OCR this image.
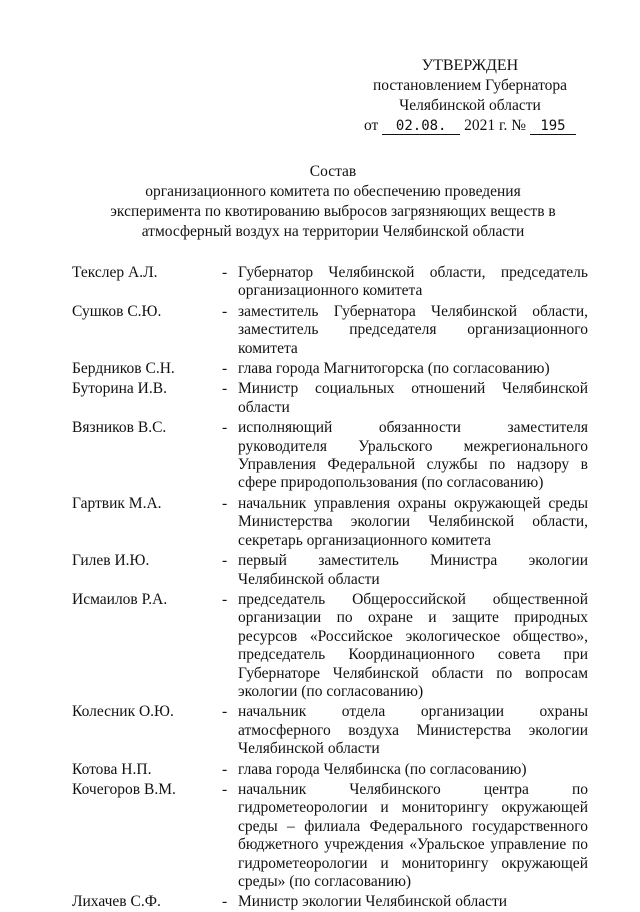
УТВЕРЖДЕН
постановлением Губернатора
Челябинской области
от 02.08. 2021 г. № 195
Состав
организационного комитета по обеспечению проведения
эксперимента по квотированию выбросов загрязняющих веществ в
атмосферный воздух на территории Челябинской области
Текслер А.Л.	- Губернатор Челябинской области, председатель организационного комитета
Сушков С.Ю.	- заместитель Губернатора Челябинской области, заместитель председателя организационного комитета
Бердников С.Н.	- глава города Магнитогорска (по согласованию)
Буторина И.В.	- Министр социальных отношений Челябинской области
Вязников В.С.	- исполняющий обязанности заместителя руководителя Уральского межрегионального Управления Федеральной службы по надзору в сфере природопользования (по согласованию)
Гартвик М.А.	- начальник управления охраны окружающей среды Министерства экологии Челябинской области, секретарь организационного комитета
Гилев И.Ю.	- первый заместитель Министра экологии Челябинской области
Исмаилов Р.А.	- председатель Общероссийской общественной организации по охране и защите природных ресурсов «Российское экологическое общество», председатель Координационного совета при Губернаторе Челябинской области по вопросам экологии (по согласованию)
Колесник О.Ю.	- начальник отдела организации охраны атмосферного воздуха Министерства экологии Челябинской области
Котова Н.П.	- глава города Челябинска (по согласованию)
Кочегоров В.М.	- начальник Челябинского центра по гидрометеорологии и мониторингу окружающей среды – филиала Федерального государственного бюджетного учреждения «Уральское управление по гидрометеорологии и мониторингу окружающей среды» (по согласованию)
Лихачев С.Ф.	- Министр экологии Челябинской области
